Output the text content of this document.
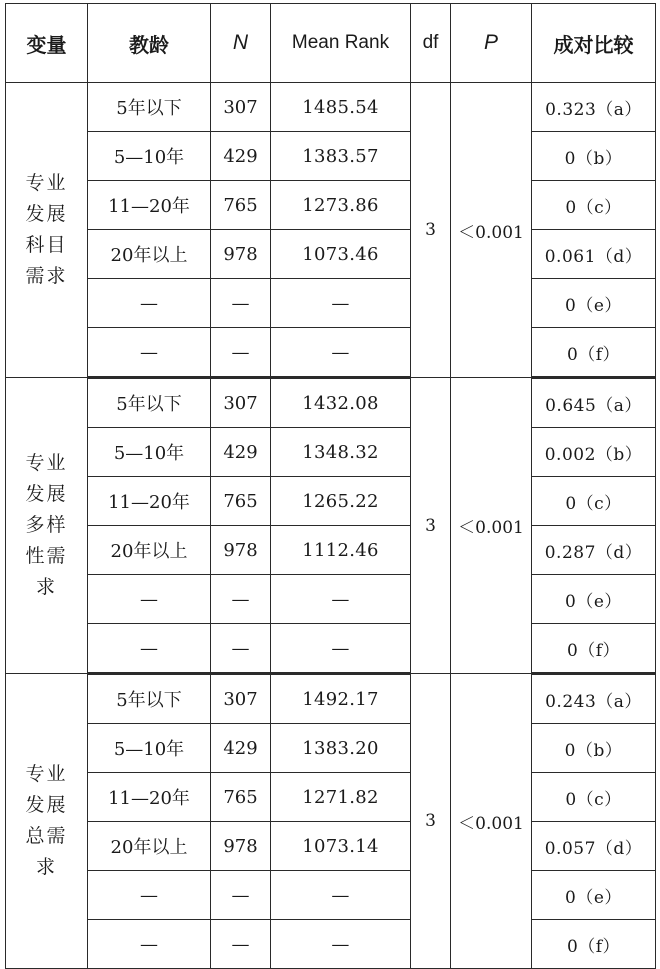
变量	教龄	N	Mean Rank	df	P	成对比较
专业发展科目需求	5年以下	307	1485.54	3	＜0.001	0.323（a）
	5—10年	429	1383.57			0（b）
	11—20年	765	1273.86			0（c）
	20年以上	978	1073.46			0.061（d）
	—	—	—			0（e）
	—	—	—			0（f）
专业发展多样性需求	5年以下	307	1432.08	3	＜0.001	0.645（a）
	5—10年	429	1348.32			0.002（b）
	11—20年	765	1265.22			0（c）
	20年以上	978	1112.46			0.287（d）
	—	—	—			0（e）
	—	—	—			0（f）
专业发展总需求	5年以下	307	1492.17	3	＜0.001	0.243（a）
	5—10年	429	1383.20			0（b）
	11—20年	765	1271.82			0（c）
	20年以上	978	1073.14			0.057（d）
	—	—	—			0（e）
	—	—	—			0（f）
